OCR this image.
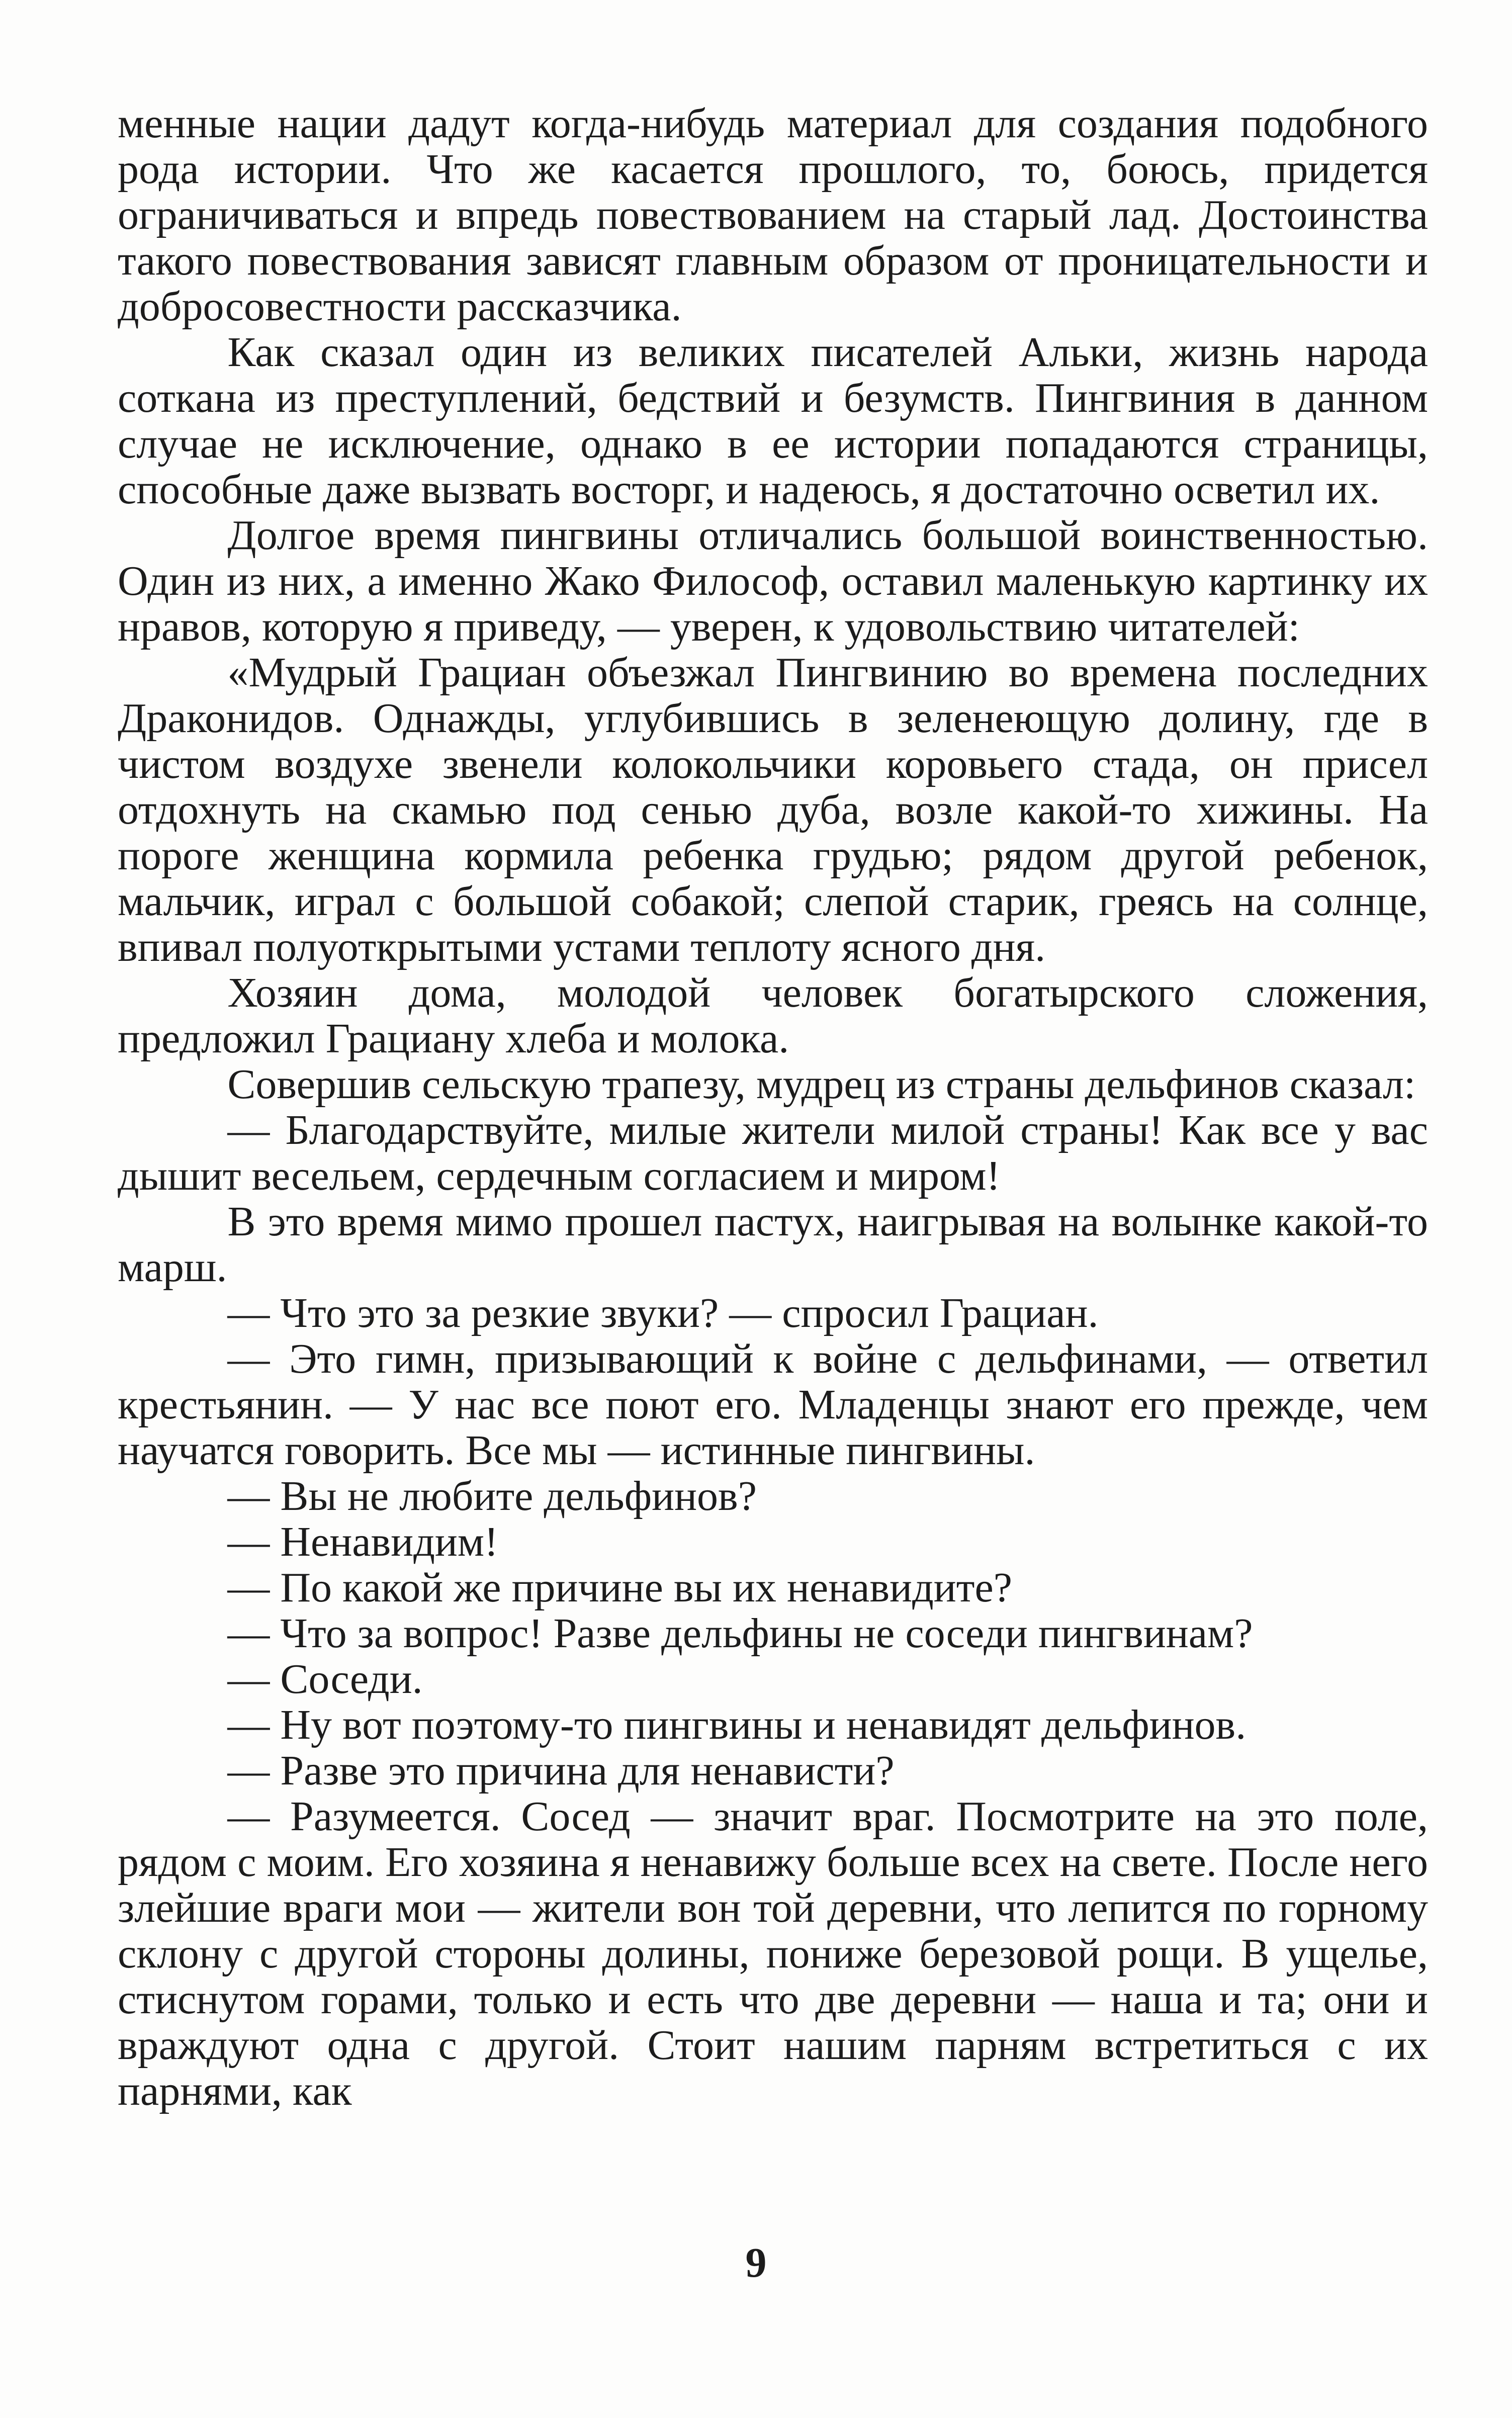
менные нации дадут когда-нибудь материал для создания подобного рода истории. Что же касается прошлого, то, боюсь, придется ограничиваться и впредь повествованием на старый лад. Достоинства такого повествования зависят главным образом от проницательности и добросовестности рассказчика.

Как сказал один из великих писателей Альки, жизнь народа соткана из преступлений, бедствий и безумств. Пингвиния в данном случае не исключение, однако в ее истории попадаются страницы, способные даже вызвать восторг, и надеюсь, я достаточно осветил их.

Долгое время пингвины отличались большой воинственностью. Один из них, а именно Жако Философ, оставил маленькую картинку их нравов, которую я приведу, — уверен, к удовольствию читателей:

«Мудрый Грациан объезжал Пингвинию во времена последних Драконидов. Однажды, углубившись в зеленеющую долину, где в чистом воздухе звенели колокольчики коровьего стада, он присел отдохнуть на скамью под сенью дуба, возле какой-то хижины. На пороге женщина кормила ребенка грудью; рядом другой ребенок, мальчик, играл с большой собакой; слепой старик, греясь на солнце, впивал полуоткрытыми устами теплоту ясного дня.

Хозяин дома, молодой человек богатырского сложения, предложил Грациану хлеба и молока.

Совершив сельскую трапезу, мудрец из страны дельфинов сказал:

— Благодарствуйте, милые жители милой страны! Как все у вас дышит весельем, сердечным согласием и миром!

В это время мимо прошел пастух, наигрывая на волынке какой-то марш.

— Что это за резкие звуки? — спросил Грациан.

— Это гимн, призывающий к войне с дельфинами, — ответил крестьянин. — У нас все поют его. Младенцы знают его прежде, чем научатся говорить. Все мы — истинные пингвины.

— Вы не любите дельфинов?

— Ненавидим!

— По какой же причине вы их ненавидите?

— Что за вопрос! Разве дельфины не соседи пингвинам?

— Соседи.

— Ну вот поэтому-то пингвины и ненавидят дельфинов.

— Разве это причина для ненависти?

— Разумеется. Сосед — значит враг. Посмотрите на это поле, рядом с моим. Его хозяина я ненавижу больше всех на свете. После него злейшие враги мои — жители вон той деревни, что лепится по горному склону с другой стороны долины, пониже березовой рощи. В ущелье, стиснутом горами, только и есть что две деревни — наша и та; они и враждуют одна с другой. Стоит нашим парням встретиться с их парнями, как

9
